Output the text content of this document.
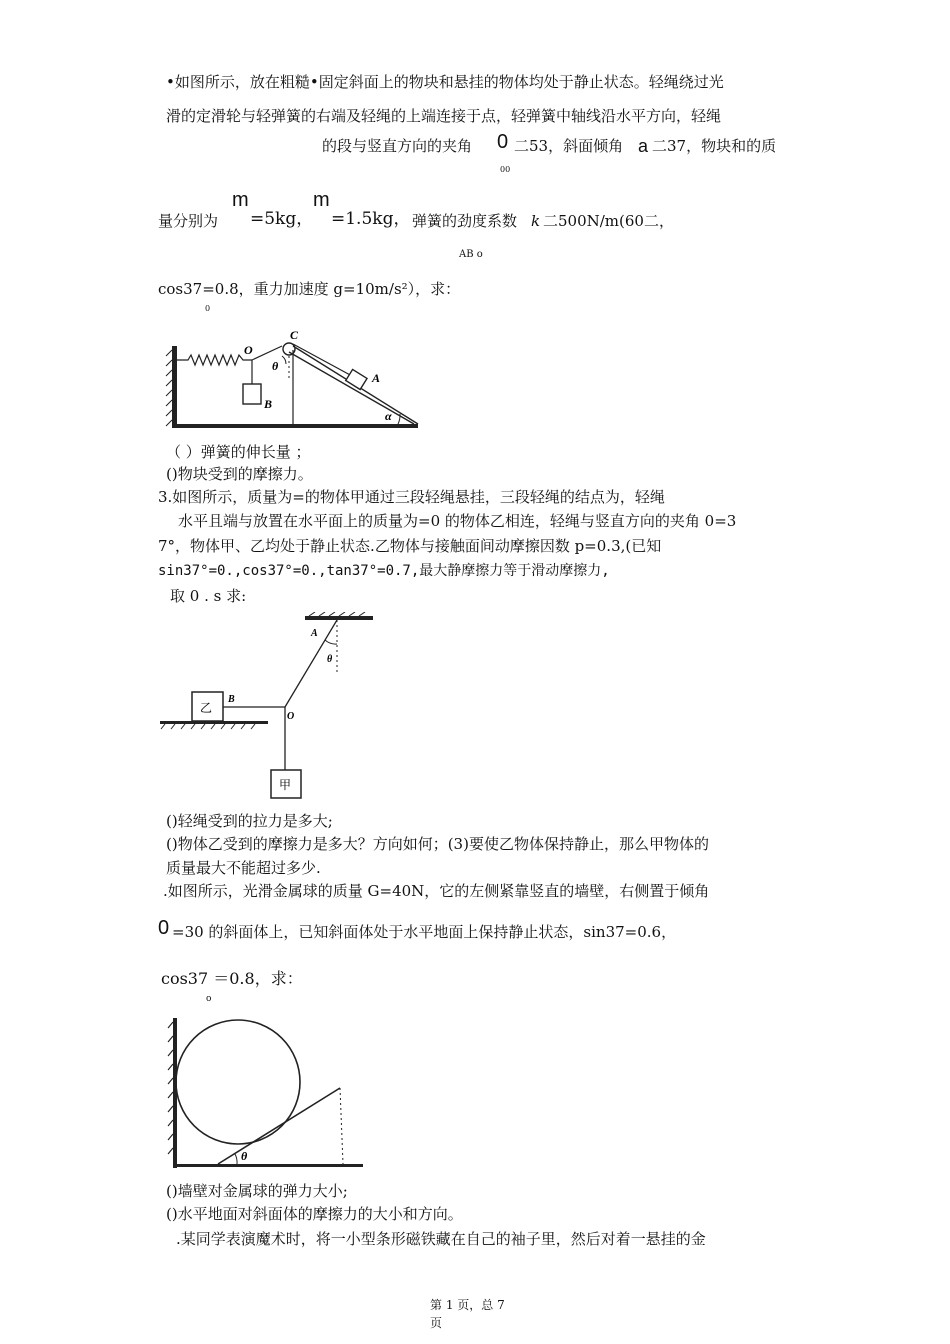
•如图所示，放在粗糙•固定斜面上的物块和悬挂的物体均处于静止状态。轻绳绕过光
滑的定滑轮与轻弹簧的右端及轻绳的上端连接于点，轻弹簧中轴线沿水平方向，轻绳
的段与竖直方向的夹角 0 二53，斜面倾角 a 二37，物块和的质
00
量分别为
m
=5kg，
m
=1.5kg， 弹簧的劲度系数 k 二500N/m(60二，
AB o
cos37=0.8，重力加速度 g=10m/s²），求：
0
O
C
B
A
θ
α
（ ）弹簧的伸长量 ；
()物块受到的摩擦力。
3.如图所示，质量为=的物体甲通过三段轻绳悬挂，三段轻绳的结点为，轻绳
水平且端与放置在水平面上的质量为=0 的物体乙相连，轻绳与竖直方向的夹角 0=3
7°，物体甲、乙均处于静止状态.乙物体与接触面间动摩擦因数 p=0.3,(已知
sin37°=0.,cos37°=0.,tan37°=0.7,最大静摩擦力等于滑动摩擦力,
取 0 . s 求:
A
θ
B
O
乙
甲
()轻绳受到的拉力是多大;
()物体乙受到的摩擦力是多大？方向如何；(3)要使乙物体保持静止，那么甲物体的
质量最大不能超过多少.
.如图所示，光滑金属球的质量 G=40N，它的左侧紧靠竖直的墙壁，右侧置于倾角
0 =30 的斜面体上，已知斜面体处于水平地面上保持静止状态，sin37=0.6，
cos37 ＝0.8，求：
o
θ
()墙壁对金属球的弹力大小;
()水平地面对斜面体的摩擦力的大小和方向。
.某同学表演魔术时，将一小型条形磁铁藏在自己的袖子里，然后对着一悬挂的金
第 1 页，总 7
页
